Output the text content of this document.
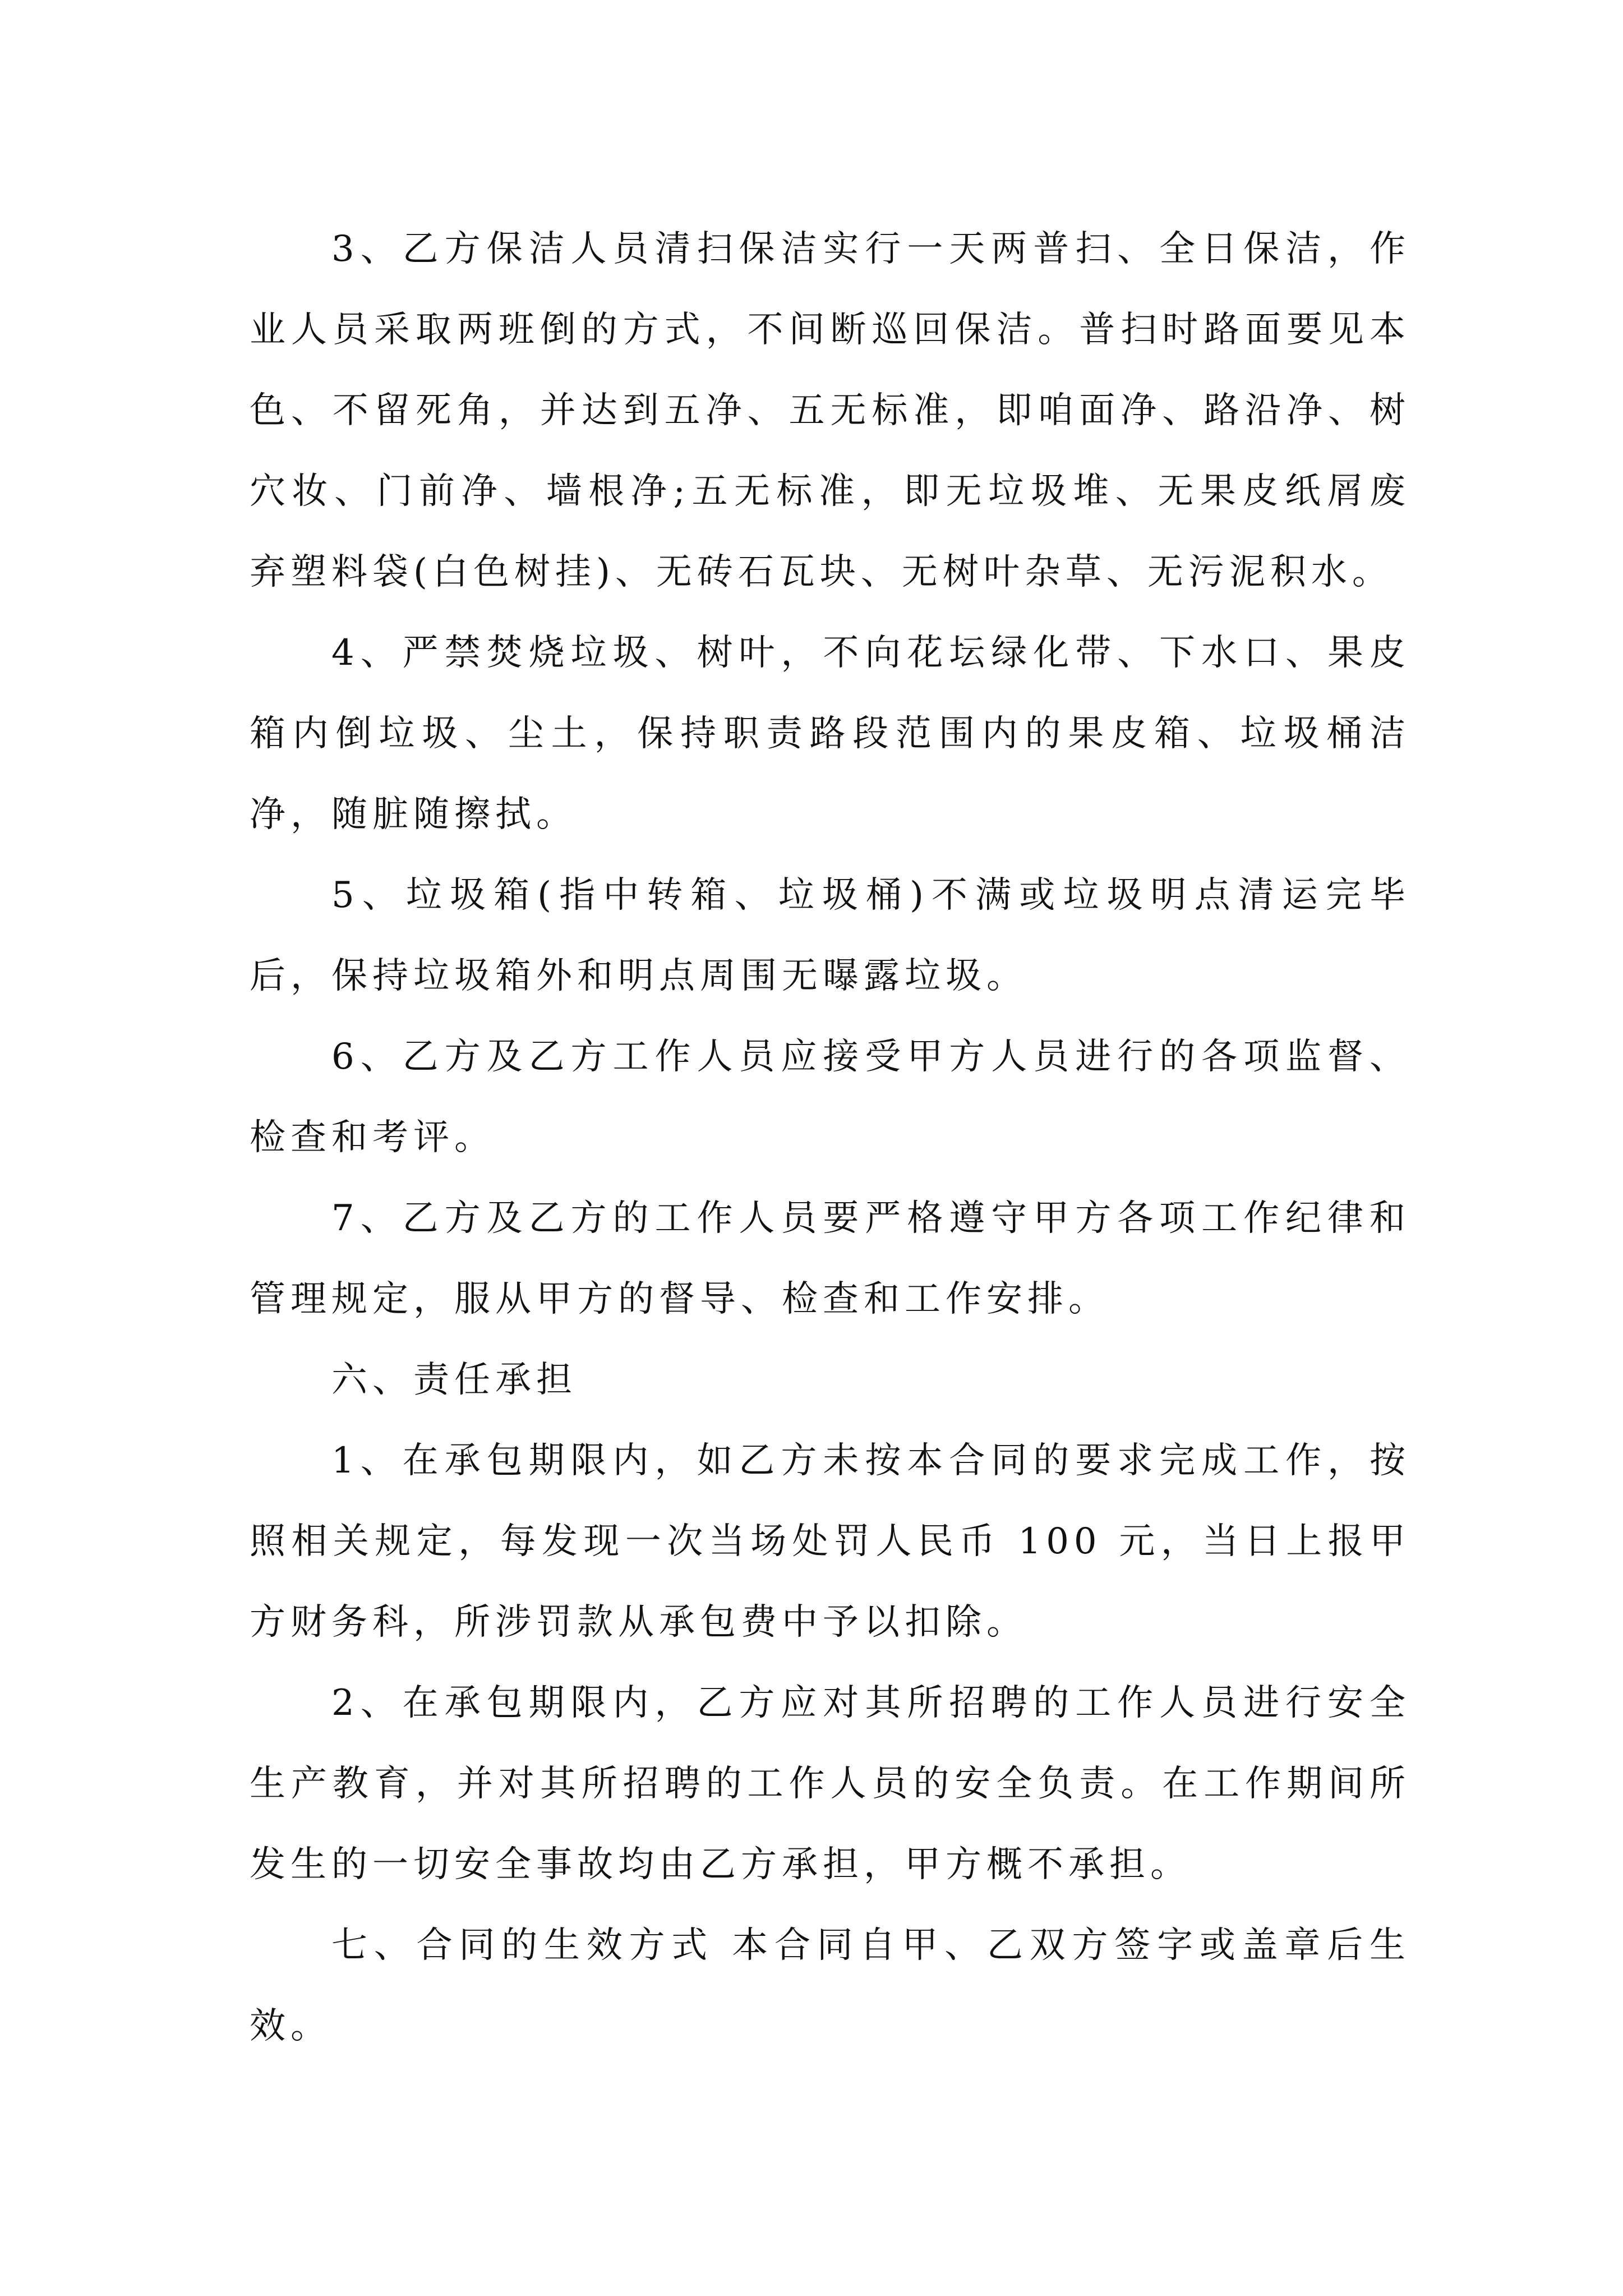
3、乙方保洁人员清扫保洁实行一天两普扫、全日保洁，作业人员采取两班倒的方式，不间断巡回保洁。普扫时路面要见本色、不留死角，并达到五净、五无标准，即咱面净、路沿净、树穴妆、门前净、墙根净;五无标准，即无垃圾堆、无果皮纸屑废弃塑料袋(白色树挂)、无砖石瓦块、无树叶杂草、无污泥积水。

4、严禁焚烧垃圾、树叶，不向花坛绿化带、下水口、果皮箱内倒垃圾、尘土，保持职责路段范围内的果皮箱、垃圾桶洁净，随脏随擦拭。

5、垃圾箱(指中转箱、垃圾桶)不满或垃圾明点清运完毕后，保持垃圾箱外和明点周围无曝露垃圾。

6、乙方及乙方工作人员应接受甲方人员进行的各项监督、检查和考评。

7、乙方及乙方的工作人员要严格遵守甲方各项工作纪律和管理规定，服从甲方的督导、检查和工作安排。

六、责任承担

1、在承包期限内，如乙方未按本合同的要求完成工作，按照相关规定，每发现一次当场处罚人民币 100 元，当日上报甲方财务科，所涉罚款从承包费中予以扣除。

2、在承包期限内，乙方应对其所招聘的工作人员进行安全生产教育，并对其所招聘的工作人员的安全负责。在工作期间所发生的一切安全事故均由乙方承担，甲方概不承担。

七、合同的生效方式 本合同自甲、乙双方签字或盖章后生效。
